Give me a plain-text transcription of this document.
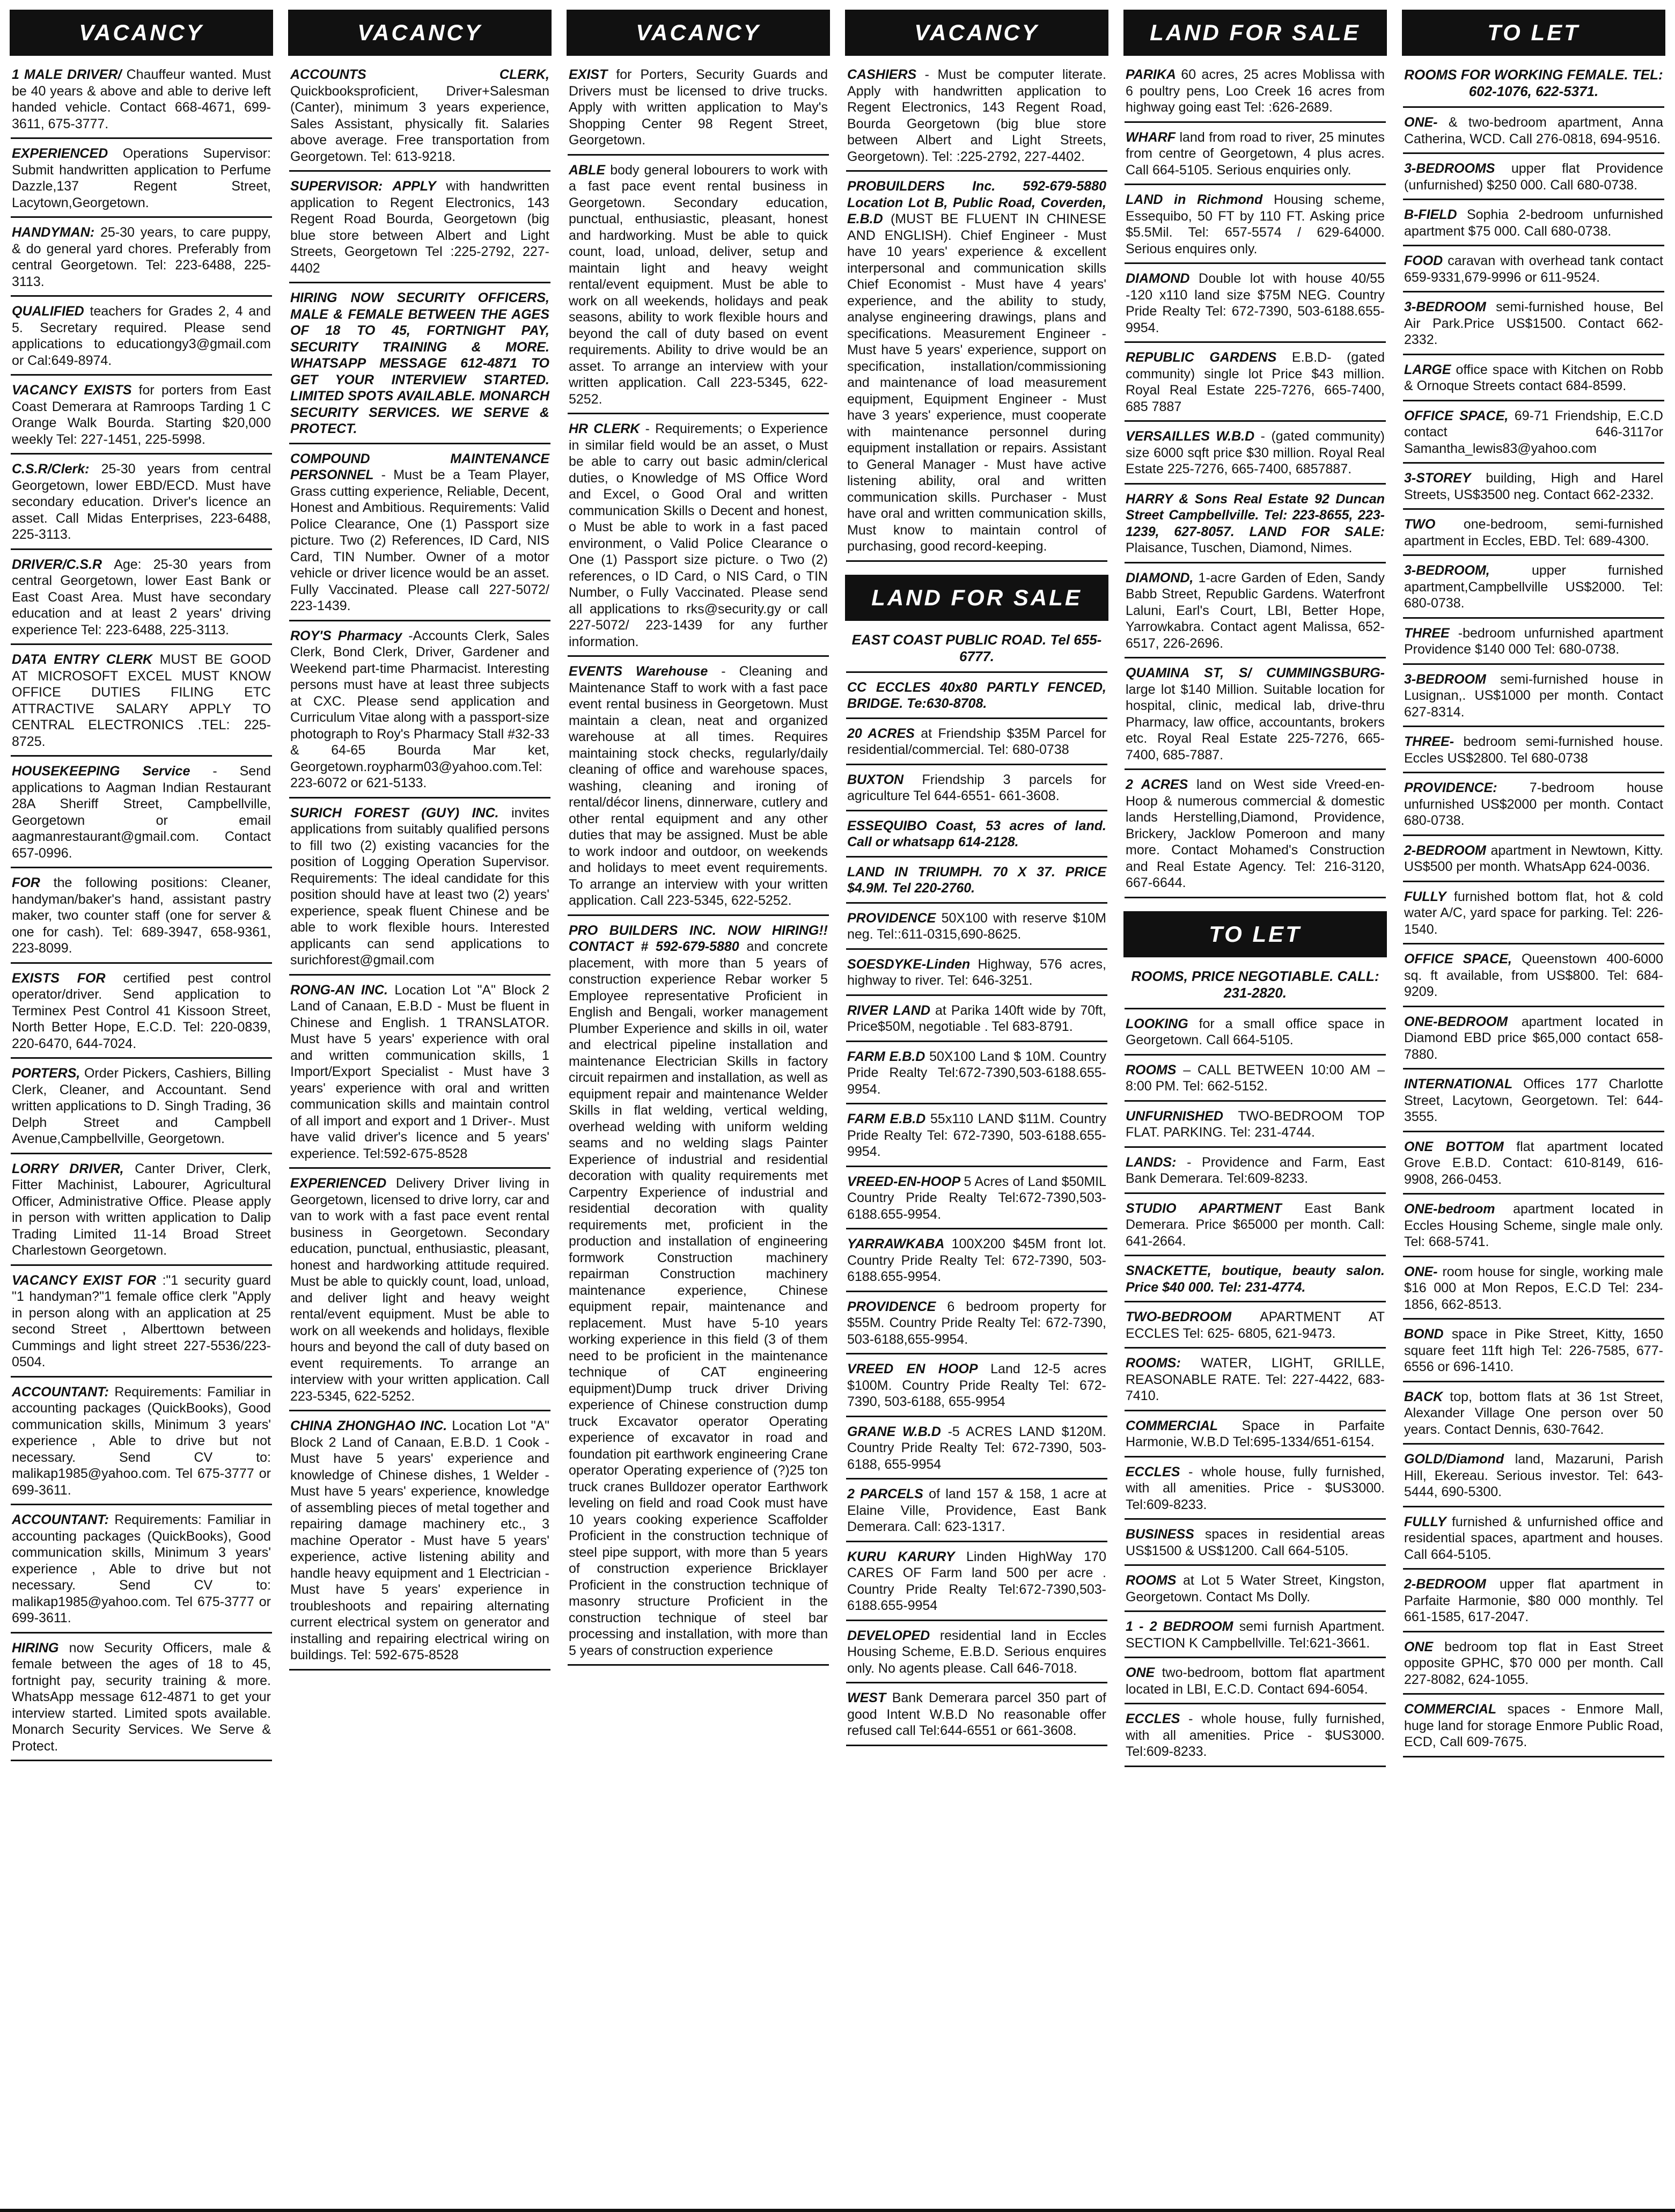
VACANCY
1 MALE DRIVER/ Chauffeur wanted. Must be 40 years & above and able to derive left handed vehicle. Contact 668-4671, 699-3611, 675-3777.
EXPERIENCED Operations Supervisor: Submit handwritten application to Perfume Dazzle,137 Regent Street, Lacytown,Georgetown.
HANDYMAN: 25-30 years, to care puppy, & do general yard chores. Preferably from central Georgetown. Tel: 223-6488, 225-3113.
QUALIFIED teachers for Grades 2, 4 and 5. Secretary required. Please send applications to educationgy3@gmail.com or Cal:649-8974.
VACANCY EXISTS for porters from East Coast Demerara at Ramroops Tarding 1 C Orange Walk Bourda. Starting $20,000 weekly Tel: 227-1451, 225-5998.
C.S.R/Clerk: 25-30 years from central Georgetown, lower EBD/ECD. Must have secondary education. Driver's licence an asset. Call Midas Enterprises, 223-6488, 225-3113.
DRIVER/C.S.R Age: 25-30 years from central Georgetown, lower East Bank or East Coast Area. Must have secondary education and at least 2 years' driving experience Tel: 223-6488, 225-3113.
DATA ENTRY CLERK MUST BE GOOD AT MICROSOFT EXCEL MUST KNOW OFFICE DUTIES FILING ETC ATTRACTIVE SALARY APPLY TO CENTRAL ELECTRONICS .TEL: 225-8725.
HOUSEKEEPING Service - Send applications to Aagman Indian Restaurant 28A Sheriff Street, Campbellville, Georgetown or email aagmanrestaurant@gmail.com. Contact 657-0996.
FOR the following positions: Cleaner, handyman/baker's hand, assistant pastry maker, two counter staff (one for server & one for cash). Tel: 689-3947, 658-9361, 223-8099.
EXISTS FOR certified pest control operator/driver. Send application to Terminex Pest Control 41 Kissoon Street, North Better Hope, E.C.D. Tel: 220-0839, 220-6470, 644-7024.
PORTERS, Order Pickers, Cashiers, Billing Clerk, Cleaner, and Accountant. Send written applications to D. Singh Trading, 36 Delph Street and Campbell Avenue,Campbellville, Georgetown.
LORRY DRIVER, Canter Driver, Clerk, Fitter Machinist, Labourer, Agricultural Officer, Administrative Office. Please apply in person with written application to Dalip Trading Limited 11-14 Broad Street Charlestown Georgetown.
VACANCY EXIST FOR :"1 security guard "1 handyman?"1 female office clerk "Apply in person along with an application at 25 second Street , Alberttown between Cummings and light street 227-5536/223-0504.
ACCOUNTANT: Requirements: Familiar in accounting packages (QuickBooks), Good communication skills, Minimum 3 years' experience , Able to drive but not necessary. Send CV to: malikap1985@yahoo.com. Tel 675-3777 or 699-3611.
ACCOUNTANT: Requirements: Familiar in accounting packages (QuickBooks), Good communication skills, Minimum 3 years' experience , Able to drive but not necessary. Send CV to: malikap1985@yahoo.com. Tel 675-3777 or 699-3611.
HIRING now Security Officers, male & female between the ages of 18 to 45, fortnight pay, security training & more. WhatsApp message 612-4871 to get your interview started. Limited spots available. Monarch Security Services. We Serve & Protect.
VACANCY
ACCOUNTS CLERK,Quickbooksproficient, Driver+Salesman (Canter), minimum 3 years experience, Sales Assistant, physically fit. Salaries above average. Free transportation from Georgetown. Tel: 613-9218.
SUPERVISOR: APPLY with handwritten application to Regent Electronics, 143 Regent Road Bourda, Georgetown (big blue store between Albert and Light Streets, Georgetown Tel :225-2792, 227-4402
HIRING NOW SECURITY OFFICERS, MALE & FEMALE BETWEEN THE AGES OF 18 TO 45, FORTNIGHT PAY, SECURITY TRAINING & MORE. WHATSAPP MESSAGE 612-4871 TO GET YOUR INTERVIEW STARTED. LIMITED SPOTS AVAILABLE. MONARCH SECURITY SERVICES. WE SERVE & PROTECT.
COMPOUND MAINTENANCE PERSONNEL - Must be a Team Player, Grass cutting experience, Reliable, Decent, Honest and Ambitious. Requirements: Valid Police Clearance, One (1) Passport size picture. Two (2) References, ID Card, NIS Card, TIN Number. Owner of a motor vehicle or driver licence would be an asset. Fully Vaccinated. Please call 227-5072/ 223-1439.
ROY'S Pharmacy -Accounts Clerk, Sales Clerk, Bond Clerk, Driver, Gardener and Weekend part-time Pharmacist. Interesting persons must have at least three subjects at CXC. Please send application and Curriculum Vitae along with a passport-size photograph to Roy's Pharmacy Stall #32-33 & 64-65 Bourda Mar ket, Georgetown.roypharm03@yahoo.com.Tel: 223-6072 or 621-5133.
SURICH FOREST (GUY) INC. invites applications from suitably qualified persons to fill two (2) existing vacancies for the position of Logging Operation Supervisor. Requirements: The ideal candidate for this position should have at least two (2) years' experience, speak fluent Chinese and be able to work flexible hours. Interested applicants can send applications to surichforest@gmail.com
RONG-AN INC. Location Lot "A" Block 2 Land of Canaan, E.B.D - Must be fluent in Chinese and English. 1 TRANSLATOR. Must have 5 years' experience with oral and written communication skills, 1 Import/Export Specialist - Must have 3 years' experience with oral and written communication skills and maintain control of all import and export and 1 Driver-. Must have valid driver's licence and 5 years' experience. Tel:592-675-8528
EXPERIENCED Delivery Driver living in Georgetown, licensed to drive lorry, car and van to work with a fast pace event rental business in Georgetown. Secondary education, punctual, enthusiastic, pleasant, honest and hardworking attitude required. Must be able to quickly count, load, unload, and deliver light and heavy weight rental/event equipment. Must be able to work on all weekends and holidays, flexible hours and beyond the call of duty based on event requirements. To arrange an interview with your written application. Call 223-5345, 622-5252.
CHINA ZHONGHAO INC. Location Lot "A" Block 2 Land of Canaan, E.B.D. 1 Cook - Must have 5 years' experience and knowledge of Chinese dishes, 1 Welder - Must have 5 years' experience, knowledge of assembling pieces of metal together and repairing damage machinery etc., 3 machine Operator - Must have 5 years' experience, active listening ability and handle heavy equipment and 1 Electrician - Must have 5 years' experience in troubleshoots and repairing alternating current electrical system on generator and installing and repairing electrical wiring on buildings. Tel: 592-675-8528
VACANCY
EXIST for Porters, Security Guards and Drivers must be licensed to drive trucks. Apply with written application to May's Shopping Center 98 Regent Street, Georgetown.
ABLE body general lobourers to work with a fast pace event rental business in Georgetown. Secondary education, punctual, enthusiastic, pleasant, honest and hardworking. Must be able to quick count, load, unload, deliver, setup and maintain light and heavy weight rental/event equipment. Must be able to work on all weekends, holidays and peak seasons, ability to work flexible hours and beyond the call of duty based on event requirements. Ability to drive would be an asset. To arrange an interview with your written application. Call 223-5345, 622-5252.
HR CLERK - Requirements; o Experience in similar field would be an asset, o Must be able to carry out basic admin/clerical duties, o Knowledge of MS Office Word and Excel, o Good Oral and written communication Skills o Decent and honest, o Must be able to work in a fast paced environment, o Valid Police Clearance o One (1) Passport size picture. o Two (2) references, o ID Card, o NIS Card, o TIN Number, o Fully Vaccinated. Please send all applications to rks@security.gy or call 227-5072/ 223-1439 for any further information.
EVENTS Warehouse - Cleaning and Maintenance Staff to work with a fast pace event rental business in Georgetown. Must maintain a clean, neat and organized warehouse at all times. Requires maintaining stock checks, regularly/daily cleaning of office and warehouse spaces, washing, cleaning and ironing of rental/décor linens, dinnerware, cutlery and other rental equipment and any other duties that may be assigned. Must be able to work indoor and outdoor, on weekends and holidays to meet event requirements. To arrange an interview with your written application. Call 223-5345, 622-5252.
PRO BUILDERS INC. NOW HIRING!! CONTACT # 592-679-5880 and concrete placement, with more than 5 years of construction experience Rebar worker 5 Employee representative Proficient in English and Bengali, worker management Plumber Experience and skills in oil, water and electrical pipeline installation and maintenance Electrician Skills in factory circuit repairmen and installation, as well as equipment repair and maintenance Welder Skills in flat welding, vertical welding, overhead welding with uniform welding seams and no welding slags Painter Experience of industrial and residential decoration with quality requirements met Carpentry Experience of industrial and residential decoration with quality requirements met, proficient in the production and installation of engineering formwork Construction machinery repairman Construction machinery maintenance experience, Chinese equipment repair, maintenance and replacement. Must have 5-10 years working experience in this field (3 of them need to be proficient in the maintenance technique of CAT engineering equipment)Dump truck driver Driving experience of Chinese construction dump truck Excavator operator Operating experience of excavator in road and foundation pit earthwork engineering Crane operator Operating experience of (?)25 ton truck cranes Bulldozer operator Earthwork leveling on field and road Cook must have 10 years cooking experience Scaffolder Proficient in the construction technique of steel pipe support, with more than 5 years of construction experience Bricklayer Proficient in the construction technique of masonry structure Proficient in the construction technique of steel bar processing and installation, with more than 5 years of construction experience
VACANCY
CASHIERS - Must be computer literate. Apply with handwritten application to Regent Electronics, 143 Regent Road, Bourda Georgetown (big blue store between Albert and Light Streets, Georgetown). Tel: :225-2792, 227-4402.
PROBUILDERS Inc. 592-679-5880 Location Lot B, Public Road, Coverden, E.B.D (MUST BE FLUENT IN CHINESE AND ENGLISH). Chief Engineer - Must have 10 years' experience & excellent interpersonal and communication skills Chief Economist - Must have 4 years' experience, and the ability to study, analyse engineering drawings, plans and specifications. Measurement Engineer - Must have 5 years' experience, support on specification, installation/commissioning and maintenance of load measurement equipment, Equipment Engineer - Must have 3 years' experience, must cooperate with maintenance personnel during equipment installation or repairs. Assistant to General Manager - Must have active listening ability, oral and written communication skills. Purchaser - Must have oral and written communication skills, Must know to maintain control of purchasing, good record-keeping.
LAND FOR SALE
EAST COAST PUBLIC ROAD. Tel 655-6777.
CC ECCLES 40x80 PARTLY FENCED, BRIDGE. Te:630-8708.
20 ACRES at Friendship $35M Parcel for residential/commercial. Tel: 680-0738
BUXTON Friendship 3 parcels for agriculture Tel 644-6551- 661-3608.
ESSEQUIBO Coast, 53 acres of land. Call or whatsapp 614-2128.
LAND IN TRIUMPH. 70 X 37. PRICE $4.9M. Tel 220-2760.
PROVIDENCE 50X100 with reserve $10M neg. Tel::611-0315,690-8625.
SOESDYKE-Linden Highway, 576 acres, highway to river. Tel: 646-3251.
RIVER LAND at Parika 140ft wide by 70ft, Price$50M, negotiable . Tel 683-8791.
FARM E.B.D 50X100 Land $ 10M. Country Pride Realty Tel:672-7390,503-6188.655-9954.
FARM E.B.D 55x110 LAND $11M. Country Pride Realty Tel: 672-7390, 503-6188.655-9954.
VREED-EN-HOOP 5 Acres of Land $50MIL Country Pride Realty Tel:672-7390,503-6188.655-9954.
YARRAWKABA 100X200 $45M front lot. Country Pride Realty Tel: 672-7390, 503-6188.655-9954.
PROVIDENCE 6 bedroom property for $55M. Country Pride Realty Tel: 672-7390, 503-6188,655-9954.
VREED EN HOOP Land 12-5 acres $100M. Country Pride Realty Tel: 672-7390, 503-6188, 655-9954
GRANE W.B.D -5 ACRES LAND $120M. Country Pride Realty Tel: 672-7390, 503-6188, 655-9954
2 PARCELS of land 157 & 158, 1 acre at Elaine Ville, Providence, East Bank Demerara. Call: 623-1317.
KURU KARURY Linden HighWay 170 CARES OF Farm land 500 per acre . Country Pride Realty Tel:672-7390,503-6188.655-9954
DEVELOPED residential land in Eccles Housing Scheme, E.B.D. Serious enquires only. No agents please. Call 646-7018.
WEST Bank Demerara parcel 350 part of good Intent W.B.D No reasonable offer refused call Tel:644-6551 or 661-3608.
LAND FOR SALE
PARIKA 60 acres, 25 acres Moblissa with 6 poultry pens, Loo Creek 16 acres from highway going east Tel: :626-2689.
WHARF land from road to river, 25 minutes from centre of Georgetown, 4 plus acres. Call 664-5105. Serious enquiries only.
LAND in Richmond Housing scheme, Essequibo, 50 FT by 110 FT. Asking price $5.5Mil. Tel: 657-5574 / 629-64000. Serious enquires only.
DIAMOND Double lot with house 40/55 -120 x110 land size $75M NEG. Country Pride Realty Tel: 672-7390, 503-6188.655-9954.
REPUBLIC GARDENS E.B.D- (gated community) single lot Price $43 million. Royal Real Estate 225-7276, 665-7400, 685 7887
VERSAILLES W.B.D - (gated community) size 6000 sqft price $30 million. Royal Real Estate 225-7276, 665-7400, 6857887.
HARRY & Sons Real Estate 92 Duncan Street Campbellville. Tel: 223-8655, 223-1239, 627-8057. LAND FOR SALE:Plaisance, Tuschen, Diamond, Nimes.
DIAMOND, 1-acre Garden of Eden, Sandy Babb Street, Republic Gardens. Waterfront Laluni, Earl's Court, LBI, Better Hope, Yarrowkabra. Contact agent Malissa, 652-6517, 226-2696.
QUAMINA ST, S/ CUMMINGSBURG-large lot $140 Million. Suitable location for hospital, clinic, medical lab, drive-thru Pharmacy, law office, accountants, brokers etc. Royal Real Estate 225-7276, 665-7400, 685-7887.
2 ACRES land on West side Vreed-en-Hoop & numerous commercial & domestic lands Herstelling,Diamond, Providence, Brickery, Jacklow Pomeroon and many more. Contact Mohamed's Construction and Real Estate Agency. Tel: 216-3120, 667-6644.
TO LET
ROOMS, PRICE NEGOTIABLE. CALL: 231-2820.
LOOKING for a small office space in Georgetown. Call 664-5105.
ROOMS – CALL BETWEEN 10:00 AM – 8:00 PM. Tel: 662-5152.
UNFURNISHED TWO-BEDROOM TOP FLAT. PARKING. Tel: 231-4744.
LANDS: - Providence and Farm, East Bank Demerara. Tel:609-8233.
STUDIO APARTMENT East Bank Demerara. Price $65000 per month. Call: 641-2664.
SNACKETTE, boutique, beauty salon. Price $40 000. Tel: 231-4774.
TWO-BEDROOM APARTMENT AT ECCLES Tel: 625- 6805, 621-9473.
ROOMS: WATER, LIGHT, GRILLE, REASONABLE RATE. Tel: 227-4422, 683-7410.
COMMERCIAL Space in Parfaite Harmonie, W.B.D Tel:695-1334/651-6154.
ECCLES - whole house, fully furnished, with all amenities. Price - $US3000. Tel:609-8233.
BUSINESS spaces in residential areas US$1500 & US$1200. Call 664-5105.
ROOMS at Lot 5 Water Street, Kingston, Georgetown. Contact Ms Dolly.
1 - 2 BEDROOM semi furnish Apartment. SECTION K Campbellville. Tel:621-3661.
ONE two-bedroom, bottom flat apartment located in LBI, E.C.D. Contact 694-6054.
ECCLES - whole house, fully furnished, with all amenities. Price - $US3000. Tel:609-8233.
TO LET
ROOMS FOR WORKING FEMALE. TEL: 602-1076, 622-5371.
ONE- & two-bedroom apartment, Anna Catherina, WCD. Call 276-0818, 694-9516.
3-BEDROOMS upper flat Providence (unfurnished) $250 000. Call 680-0738.
B-FIELD Sophia 2-bedroom unfurnished apartment $75 000. Call 680-0738.
FOOD caravan with overhead tank contact 659-9331,679-9996 or 611-9524.
3-BEDROOM semi-furnished house, Bel Air Park.Price US$1500. Contact 662-2332.
LARGE office space with Kitchen on Robb & Ornoque Streets contact 684-8599.
OFFICE SPACE, 69-71 Friendship, E.C.D contact 646-3117or Samantha_lewis83@yahoo.com
3-STOREY building, High and Harel Streets, US$3500 neg. Contact 662-2332.
TWO one-bedroom, semi-furnished apartment in Eccles, EBD. Tel: 689-4300.
3-BEDROOM,	upper furnished apartment,Campbellville US$2000. Tel: 680-0738.
THREE -bedroom unfurnished apartment Providence $140 000 Tel: 680-0738.
3-BEDROOM semi-furnished house in Lusignan,. US$1000 per month. Contact 627-8314.
THREE- bedroom semi-furnished house. Eccles US$2800. Tel 680-0738
PROVIDENCE: 7-bedroom house unfurnished US$2000 per month. Contact 680-0738.
2-BEDROOM apartment in Newtown, Kitty. US$500 per month. WhatsApp 624-0036.
FULLY furnished bottom flat, hot & cold water A/C, yard space for parking. Tel: 226-1540.
OFFICE SPACE, Queenstown 400-6000 sq. ft available, from US$800. Tel: 684-9209.
ONE-BEDROOM apartment located in Diamond EBD price $65,000 contact 658-7880.
INTERNATIONAL Offices 177 Charlotte Street, Lacytown, Georgetown. Tel: 644-3555.
ONE BOTTOM flat apartment located Grove E.B.D. Contact: 610-8149, 616-9908, 266-0453.
ONE-bedroom apartment located in Eccles Housing Scheme, single male only. Tel: 668-5741.
ONE- room house for single, working male $16 000 at Mon Repos, E.C.D Tel: 234-1856, 662-8513.
BOND space in Pike Street, Kitty, 1650 square feet 11ft high Tel: 226-7585, 677-6556 or 696-1410.
BACK top, bottom flats at 36 1st Street, Alexander Village One person over 50 years. Contact Dennis, 630-7642.
GOLD/Diamond land, Mazaruni, Parish Hill, Ekereau. Serious investor. Tel: 643-5444, 690-5300.
FULLY furnished & unfurnished office and residential spaces, apartment and houses. Call 664-5105.
2-BEDROOM upper flat apartment in Parfaite Harmonie, $80 000 monthly. Tel 661-1585, 617-2047.
ONE bedroom top flat in East Street opposite GPHC, $70 000 per month. Call 227-8082, 624-1055.
COMMERCIAL spaces - Enmore Mall, huge land for storage Enmore Public Road, ECD, Call 609-7675.
